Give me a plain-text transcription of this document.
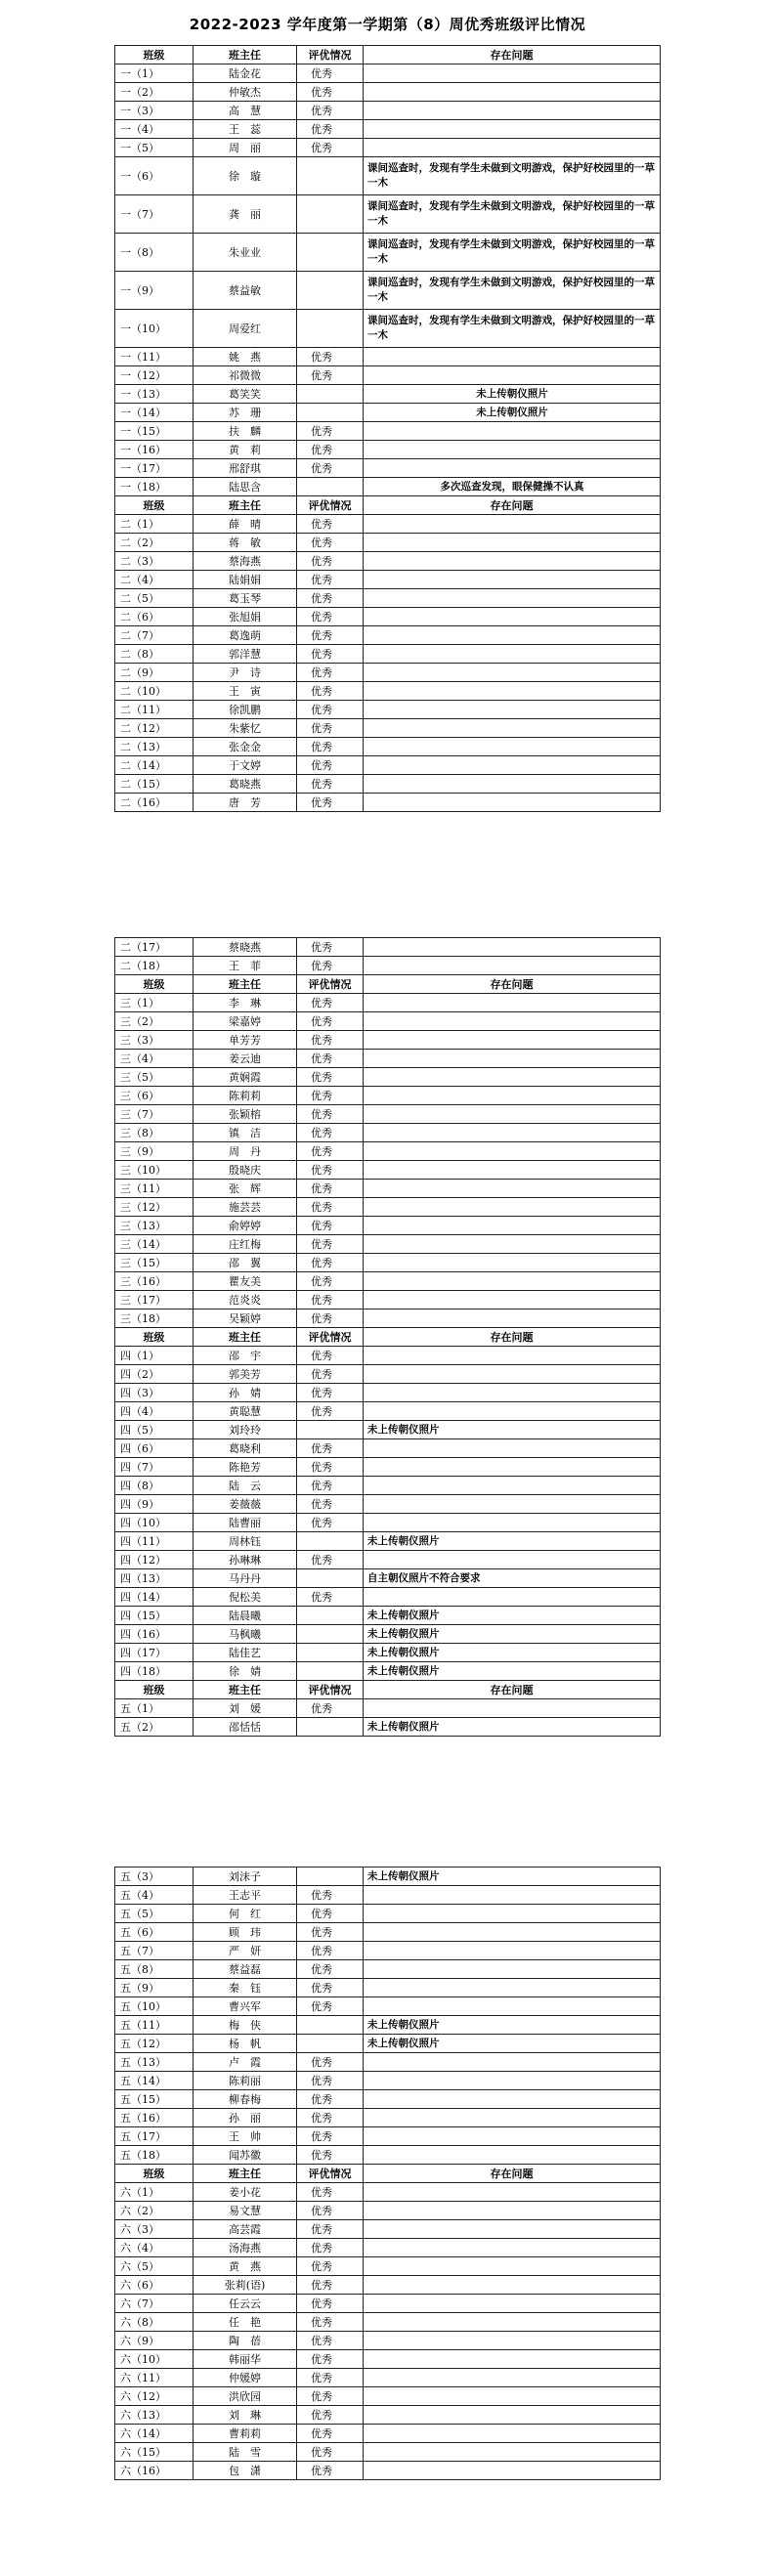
2022-2023 学年度第一学期第（8）周优秀班级评比情况
班级	班主任	评优情况	存在问题
一（1）	陆金花	优秀	
一（2）	仲敏杰	优秀	
一（3）	高　慧	优秀	
一（4）	王　蕊	优秀	
一（5）	周　丽	优秀	
一（6）	徐　璇		课间巡查时，发现有学生未做到文明游戏，保护好校园里的一草一木
一（7）	龚　丽		课间巡查时，发现有学生未做到文明游戏，保护好校园里的一草一木
一（8）	朱业业		课间巡查时，发现有学生未做到文明游戏，保护好校园里的一草一木
一（9）	蔡益敏		课间巡查时，发现有学生未做到文明游戏，保护好校园里的一草一木
一（10）	周爱红		课间巡查时，发现有学生未做到文明游戏，保护好校园里的一草一木
一（11）	姚　燕	优秀	
一（12）	祁微微	优秀	
一（13）	葛笑笑		未上传朝仪照片
一（14）	苏　珊		未上传朝仪照片
一（15）	扶　麟	优秀	
一（16）	黄　莉	优秀	
一（17）	邢舒琪	优秀	
一（18）	陆思含		多次巡查发现，眼保健操不认真
班级	班主任	评优情况	存在问题
二（1）	薛　晴	优秀	
二（2）	蒋　敏	优秀	
二（3）	蔡海燕	优秀	
二（4）	陆娟娟	优秀	
二（5）	葛玉琴	优秀	
二（6）	张旭娟	优秀	
二（7）	葛逸萌	优秀	
二（8）	郭洋慧	优秀	
二（9）	尹　诗	优秀	
二（10）	王　寅	优秀	
二（11）	徐凯鹏	优秀	
二（12）	朱紫忆	优秀	
二（13）	张金金	优秀	
二（14）	于文婷	优秀	
二（15）	葛晓燕	优秀	
二（16）	唐　芳	优秀	
二（17）	蔡晓燕	优秀	
二（18）	王　菲	优秀	
班级	班主任	评优情况	存在问题
三（1）	李　琳	优秀	
三（2）	梁嘉婷	优秀	
三（3）	单芳芳	优秀	
三（4）	姜云迪	优秀	
三（5）	黄娴霞	优秀	
三（6）	陈莉莉	优秀	
三（7）	张颖榕	优秀	
三（8）	镇　洁	优秀	
三（9）	周　丹	优秀	
三（10）	殷晓庆	优秀	
三（11）	张　辉	优秀	
三（12）	施芸芸	优秀	
三（13）	俞婷婷	优秀	
三（14）	庄红梅	优秀	
三（15）	邵　翼	优秀	
三（16）	瞿友美	优秀	
三（17）	范炎炎	优秀	
三（18）	吴颖婷	优秀	
班级	班主任	评优情况	存在问题
四（1）	邵　宇	优秀	
四（2）	郭美芳	优秀	
四（3）	孙　婧	优秀	
四（4）	黄聪慧	优秀	
四（5）	刘玲玲		未上传朝仪照片
四（6）	葛晓利	优秀	
四（7）	陈艳芳	优秀	
四（8）	陆　云	优秀	
四（9）	姜薇薇	优秀	
四（10）	陆曹丽	优秀	
四（11）	周林钰		未上传朝仪照片
四（12）	孙琳琳	优秀	
四（13）	马丹丹		自主朝仪照片不符合要求
四（14）	倪松美	优秀	
四（15）	陆晨曦		未上传朝仪照片
四（16）	马枫曦		未上传朝仪照片
四（17）	陆佳艺		未上传朝仪照片
四（18）	徐　婧		未上传朝仪照片
班级	班主任	评优情况	存在问题
五（1）	刘　媛	优秀	
五（2）	邵恬恬		未上传朝仪照片
五（3）	刘沫子		未上传朝仪照片
五（4）	王志平	优秀	
五（5）	何　红	优秀	
五（6）	顾　玮	优秀	
五（7）	严　妍	优秀	
五（8）	蔡益磊	优秀	
五（9）	秦　钰	优秀	
五（10）	曹兴军	优秀	
五（11）	梅　侠		未上传朝仪照片
五（12）	杨　帆		未上传朝仪照片
五（13）	卢　霞	优秀	
五（14）	陈莉丽	优秀	
五（15）	柳春梅	优秀	
五（16）	孙　丽	优秀	
五（17）	王　帅	优秀	
五（18）	闻苏徽	优秀	
班级	班主任	评优情况	存在问题
六（1）	姜小花	优秀	
六（2）	易文慧	优秀	
六（3）	高芸霞	优秀	
六（4）	汤海燕	优秀	
六（5）	黄　燕	优秀	
六（6）	张莉(语)	优秀	
六（7）	任云云	优秀	
六（8）	任　艳	优秀	
六（9）	陶　蓓	优秀	
六（10）	韩丽华	优秀	
六（11）	仲媛婷	优秀	
六（12）	洪欣园	优秀	
六（13）	刘　琳	优秀	
六（14）	曹莉莉	优秀	
六（15）	陆　雪	优秀	
六（16）	包　潇	优秀	
